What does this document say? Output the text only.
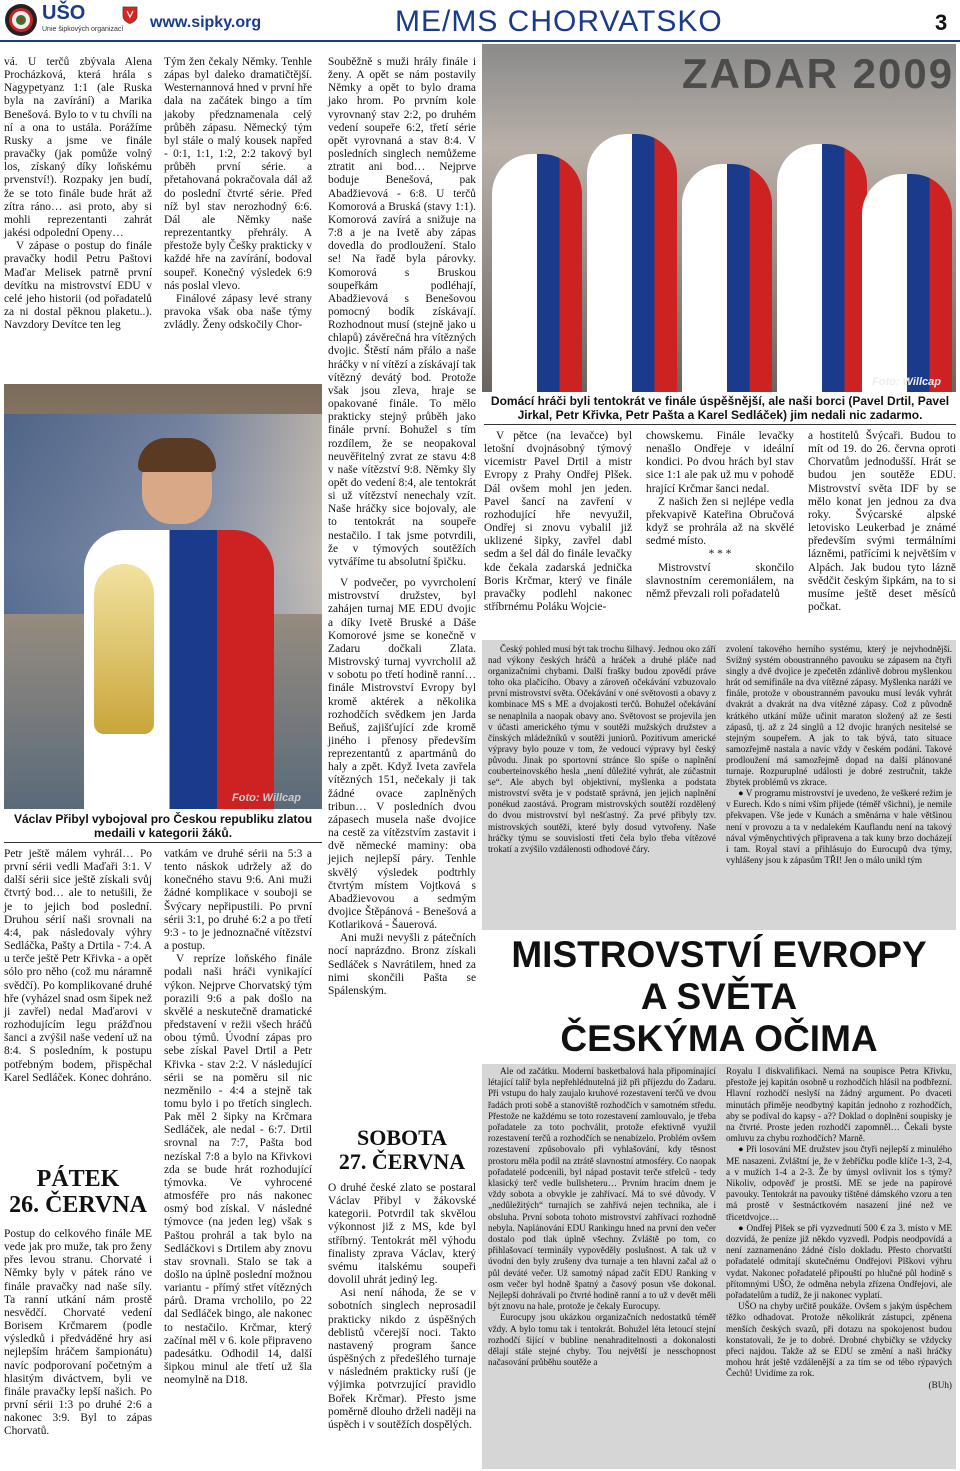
UŠO
Unie šipkových organizací www.sipky.org	ME/MS CHORVATSKO	3

vá. U terčů zbývala Alena Procházková, která hrála s Nagypetyanz 1:1 (ale Ruska byla na zavírání) a Marika Benešová. Bylo to v tu chvíli na ní a ona to ustála. Porážíme Rusky a jsme ve finále pravačky (jak pomůže volný los, získaný díky loňskému prvenství!). Rozpaky jen budí, že se toto finále bude hrát až zítra ráno… asi proto, aby si mohli reprezentanti zahrát jakési odpolední Openy…

V zápase o postup do finále pravačky hodil Petru Paštovi Maďar Melisek patrně první devítku na mistrovství EDU v celé jeho historii (od pořadatelů za ni dostal pěknou plaketu..). Navzdory Devítce ten leg

Tým žen čekaly Němky. Tenhle zápas byl daleko dramatičtější. Westernannová hned v první hře dala na začátek bingo a tím jakoby předznamenala celý průběh zápasu. Německý tým byl stále o malý kousek napřed - 0:1, 1:1, 1:2, 2:2 takový byl průběh první série. a přetahovaná pokračovala dál až do poslední čtvrté série. Před níž byl stav nerozhodný 6:6. Dál ale Němky naše reprezentantky přehrály. A přestože byly Češky prakticky v každé hře na zavírání, bodoval soupeř. Konečný výsledek 6:9 nás poslal vlevo.

Finálové zápasy levé strany pravoka však oba naše týmy zvládly. Ženy odskočily Chor-

Foto: Willcap
Václav Přibyl vybojoval pro Českou republiku zlatou medaili v kategorii žáků.

Petr ještě málem vyhrál… Po první sérii vedli Maďaři 3:1. V další sérii sice ještě získali svůj čtvrtý bod… ale to netušili, že je to jejich bod poslední. Druhou sérií naši srovnali na 4:4, pak následovaly výhry Sedláčka, Pašty a Drtila - 7:4. A u terče ještě Petr Křivka - a opět sólo pro něho (což mu náramně svědčí). Po komplikované druhé hře (vyházel snad osm šipek než ji zavřel) nedal Maďarovi v rozhodujícím legu prážďnou šanci a zvýšil naše vedení už na 8:4. S posledním, k postupu potřebným bodem, přispěchal Karel Sedláček. Konec dohráno.

PÁTEK
26. ČERVNA

Postup do celkového finále ME vede jak pro muže, tak pro ženy přes levou stranu. Chorvaté i Němky byly v pátek ráno ve finále pravačky nad naše síly. Ta ranní utkání nám prostě nesvědčí. Chorvaté vedení Borisem Krčmarem (podle výsledků i předváděné hry asi nejlepším hráčem šampionátu) navíc podporovaní početným a hlasitým diváctvem, byli ve finále pravačky lepší našich. Po první sérii 1:3 po druhé 2:6 a nakonec 3:9. Byl to zápas Chorvatů.

vatkám ve druhé sérii na 5:3 a tento náskok udržely až do konečného stavu 9:6. Ani muži žádné komplikace v souboji se Švýcary nepřipustili. Po první sérii 3:1, po druhé 6:2 a po třetí 9:3 - to je jednoznačné vítězství a postup.

V repríze loňského finále podali naši hráči vynikající výkon. Nejprve Chorvatský tým porazili 9:6 a pak došlo na skvělé a neskutečně dramatické představení v režii všech hráčů obou týmů. Úvodní zápas pro sebe získal Pavel Drtil a Petr Křivka - stav 2:2. V následující sérii se na poměru sil nic nezměnilo - 4:4 a stejně tak tomu bylo i po třetích singlech. Pak měl 2 šipky na Krčmara Sedláček, ale nedal - 6:7. Drtil srovnal na 7:7, Pašta bod nezískal 7:8 a bylo na Křivkovi zda se bude hrát rozhodující týmovka. Ve vyhrocené atmosféře pro nás nakonec osmý bod získal. V následné týmovce (na jeden leg) však s Paštou prohrál a tak bylo na Sedláčkovi s Drtilem aby znovu stav srovnali. Stalo se tak a došlo na úplně poslední možnou variantu - přímý střet vítězných párů. Drama vrcholilo, po 22 dal Sedláček bingo, ale nakonec to nestačilo. Krčmar, který začínal měl v 6. kole připraveno padesátku. Odhodil 14, další šipkou minul ale třetí už šla neomylně na D18.

Souběžně s muži hrály finále i ženy. A opět se nám postavily Němky a opět to bylo drama jako hrom. Po prvním kole vyrovnaný stav 2:2, po druhém vedení soupeře 6:2, třetí série opět vyrovnaná a stav 8:4. V posledních singlech nemůžeme ztratit ani bod… Nejprve boduje Benešová, pak Abadžievová - 6:8. U terčů Komorová a Bruská (stavy 1:1). Komorová zavírá a snižuje na 7:8 a je na Ivetě aby zápas dovedla do prodloužení. Stalo se! Na řadě byla párovky. Komorová s Bruskou soupeřkám podléhají, Abadžievová s Benešovou pomocný bodík získávají. Rozhodnout musí (stejně jako u chlapů) závěrečná hra vítězných dvojic. Štěstí nám přálo a naše hráčky v ní vítězí a získávají tak vítězný devátý bod. Protože však jsou zleva, hraje se opakované finále. To mělo prakticky stejný průběh jako finále první. Bohužel s tím rozdílem, že se neopakoval neuvěřitelný zvrat ze stavu 4:8 v naše vítězství 9:8. Němky šly opět do vedení 8:4, ale tentokrát si už vítězství nenechaly vzít. Naše hráčky sice bojovaly, ale to tentokrát na soupeře nestačilo. I tak jsme potvrdili, že v týmových soutěžích vytváříme tu absolutní špičku.

V podvečer, po vyvrcholení mistrovství družstev, byl zahájen turnaj ME EDU dvojic a díky Ivetě Bruské a Dáše Komorové jsme se konečně v Zadaru dočkali Zlata. Mistrovský turnaj vyvrcholil až v sobotu po třetí hodině ranní… finále Mistrovství Evropy byl kromě aktérek a několika rozhodčích svědkem jen Jarda Beňuš, zajišťující zde kromě jiného i přenosy především reprezentantů z apartmánů do haly a zpět. Když Iveta zavřela vítězných 151, nečekaly ji tak žádné ovace zaplněných tribun… V posledních dvou zápasech musela naše dvojice na cestě za vítězstvím zastavit i dvě německé maminy: oba jejich nejlepší páry. Tenhle skvělý výsledek podtrhly čtvrtým místem Vojtková s Abadžievovou a sedmým dvojice Štěpánová - Benešová a Kotlariková - Šauerová.

Ani muži nevyšli z pátečních nocí naprázdno. Bronz získali Sedláček s Navrátilem, hned za nimi skončili Pašta se Spálenským.

SOBOTA
27. ČERVNA

O druhé české zlato se postaral Václav Přibyl v žákovské kategorii. Potvrdil tak skvělou výkonnost již z MS, kde byl stříbrný. Tentokrát měl výhodu finalisty zprava Václav, který svému italskému soupeři dovolil uhrát jediný leg.

Asi není náhoda, že se v sobotních singlech neprosadil prakticky nikdo z úspěšných deblistů včerejší noci. Takto nastavený program šance úspěšných z předešlého turnaje v následném prakticky ruší (je výjimka potvrzující pravidlo Bořek Krčmar). Přesto jsme poměrně dlouho drželi naději na úspěch i v soutěžích dospělých.

ZADAR 2009
Foto: Willcap
Domácí hráči byli tentokrát ve finále úspěšnější, ale naši borci (Pavel Drtil, Pavel Jirkal, Petr Křivka, Petr Pašta a Karel Sedláček) jim nedali nic zadarmo.

V pětce (na levačce) byl letošní dvojnásobný týmový vicemistr Pavel Drtil a mistr Evropy z Prahy Ondřej Plšek. Dál ovšem mohl jen jeden. Pavel šancí na zavření v rozhodující hře nevyužil, Ondřej si znovu vybalil již uklizené šipky, zavřel dabl sedm a šel dál do finále levačky kde čekala zadarská jednička Boris Krčmar, který ve finále pravačky podlehl nakonec stříbrnému Poláku Wojcie-

chowskemu. Finále levačky nenašlo Ondřeje v ideální kondici. Po dvou hrách byl stav sice 1:1 ale pak už mu v pohodě hrající Krčmar šanci nedal.

Z našich žen si nejlépe vedla překvapivě Kateřina Obručová když se prohrála až na skvělé sedmé místo.

* * *

Mistrovství skončilo slavnostním ceremoniálem, na němž převzali roli pořadatelů

a hostitelů Švýcaři. Budou to mít od 19. do 26. června oproti Chorvatům jednodušší. Hrát se budou jen soutěže EDU. Mistrovství světa IDF by se mělo konat jen jednou za dva roky. Švýcarské alpské letovisko Leukerbad je známé především svými termálními lázněmi, patřícími k největším v Alpách. Jak budou tyto lázně svědčit českým šipkám, na to si musíme ještě deset měsíců počkat.

Český pohled musí být tak trochu šilhavý. Jednou oko září nad výkony českých hráčů a hráček a druhé pláče nad organizačními chybami. Další frašky budou zpovědí práve toho oka plačícího. Obavy a zároveň očekávání vzbuzovalo první mistrovství světa. Očekávání v oné světovosti a obavy z kombinace MS s ME a dvojakosti terčů. Bohužel očekávání se nenaplnila a naopak obavy ano. Světovost se projevila jen v účasti amerického týmu v soutěži mužských družstev a čínských mládežníků v soutěži juniorů. Pozitivum americké výpravy bylo pouze v tom, že vedoucí výpravy byl český původu. Jinak po sportovní stránce šlo spíše o naplnění couberteinovského hesla „není důležité vyhrát, ale zúčastnit se“. Ale abych byl objektivní, myšlenka a podstata mistrovství světa je v podstatě správná, jen jejich naplnění ponékud zaostává. Program mistrovských soutěží rozdělený do dvou mistrovství byl nešťastný. Za prvé přibyly tzv. mistrovských soutěží, které byly dosud vytvořeny. Naše hráčky týmu se souvislostí třetí čela bylo třeba vítězové trokatí a zvýšilo vzdálenosti odhodové čáry.

zvolení takového herního systému, který je nejvhodnější. Svížný systém oboustranného pavouku se zápasem na čtyři singly a dvě dvojice je zpečetěn zdánlivě dobrou myšlenkou hrát od semifinále na dva vítězné zápasy. Myšlenka naráží ve finále, protože v oboustranném pavouku musí levák vyhrát dvakrát a dvakrát na dva vítězné zápasy. Což z původně krátkého utkání může učinit maraton složený až ze šesti zápasů, tj. až z 24 singlů a 12 dvojic hraných nesitelsé se stejným soupeřem. A jak to tak bývá, tato situace samozřejmě nastala a navíc vždy v českém podání. Takové prodloužení má samozřejmě dopad na další plánované turnaje. Rozpuruplné události je dobré zestručnit, takže žbytek problémů vs zkrace.

● V programu mistrovství je uvedeno, že veškeré režim je v Eurech. Kdo s ními vším přijede (téměř všichni), je nemile překvapen. Vše jede v Kunách a směnárna v hale většinou není v provozu a ta v nedalekém Kauflandu není na takový nával výměnychtivých připravena a tak kuny brzo docházejí i tam. Royal staví a přihlásujo do Eurocupů dva týmy, vyhlášeny jsou k zápasům TŘI! Jen o málo unikl tým

MISTROVSTVÍ EVROPY
A SVĚTA
ČESKÝMA OČIMA

Ale od začátku. Moderní basketbalová hala připomínající létající talíř byla nepřehlédnutelná již při příjezdu do Zadaru. Při vstupu do haly zaujalo kruhové rozestavení terčů ve dvou řadách proti sobě a stanoviště rozhodčích v samotném středu. Přestože ne každému se toto rozestavení zamlouvalo, je třeba pořadatele za toto pochválit, protože efektivně využil rozestavení terčů a rozhodčích se nenabízelo. Problém ovšem rozestavení způsobovalo při vyhlašování, kdy těsnost prostoru měla podíl na ztrátě slavnostní atmosféry. Co naopak pořadatelé podcenili, byl nápad postavit terče střelců - tedy klasický terč vedle bullsheteru… Prvním hracím dnem je vždy sobota a obvykle je zahřívací. Má to své důvody. V „nedůležitých“ turnajích se zahřívá nejen technika, ale i obsluha. První sobota tohoto mistrovství zahřívací rozhodně nebyla. Naplánování EDU Rankingu hned na první den večer dostalo pod tlak úplně všechny. Zvláště po tom, co přihlašovací terminály vypověděly poslušnost. A tak už v úvodní den byly zrušeny dva turnaje a ten hlavní začal až o půl deváté večer. Už samotný nápad začít EDU Ranking v osm večer byl hodně špatný a časový posun vše dokonal. Nejlepší dohrávali po čtvrté hodině ranní a to už v devět měli být znovu na hale, protože je čekaly Eurocupy.

Eurocupy jsou ukázkou organizačních nedostatků téměř vždy. A bylo tomu tak i tentokrát. Bohužel léta letoucí stejní rozhodčí šijící v bubline nenahraditelnosti a dokonalosti dělají stále stejné chyby. Tou největší je nesschopnost načasování průběhu soutěže a

Royalu I diskvalifikaci. Nemá na soupisce Petra Křivku, přestože jej kapitán osobně u rozhodčích hlásil na podbřezní. Hlavní rozhodčí neslyší na žádný argument. Po dvaceti minutách přiměje neodbytný kapitán jednoho z rozhodčích, aby se podíval do kapsy - a?? Doklad o doplnění soupisky je na čtvrté. Proste jeden rozhodčí zapomněl… Čekali byste omluvu za chybu rozhodčích? Marně.

● Při losování ME družstev jsou čtyři nejlepší z minulého ME nasazeni. Zvláštní je, že v žebříčku podle klíče 1-3, 2-4, a v mužích 1-4 a 2-3. Že by úmysl ovlivnit los s týmy? Nikoliv, odpověď je prostší. ME se jede na papírové pavouky. Tentokrát na pavouky tištěné dámského vzoru a ten má prostě v šestnáctkovém nasazení jiné než ve třicetdvojce…

● Ondřej Plšek se při vyzvednutí 500 € za 3. místo v ME dozvídá, že peníze již někdo vyzvedl. Podpis neodpovídá a není zaznamenáno žádné číslo dokladu. Přesto chorvatští pořadatelé odmítají skutečnému Ondřejovi Plškovi výhru vydat. Nakonec pořadatelé připouští po hlučné půl hodině s přítomnými UŠO, že odměna nebyla zřízena Ondřejovi, ale pořadatelům a tudíž, že ji nakonec vyplatí.

UŠO na chyby určitě poukáže. Ovšem s jakým úspěchem těžko odhadovat. Protože několikrát zástupci, zpěnena menších českých svazů, při dotazu na spokojenost budou konstatovali, že je to dobré. Drobné chybičky se vždycky přeci najdou. Takže až se EDU se změní a naši hráčky mohou hrát ještě vzdálenější a za tím se od tébo rýpavých Čechů! Uvidíme za rok.

(BUh)
